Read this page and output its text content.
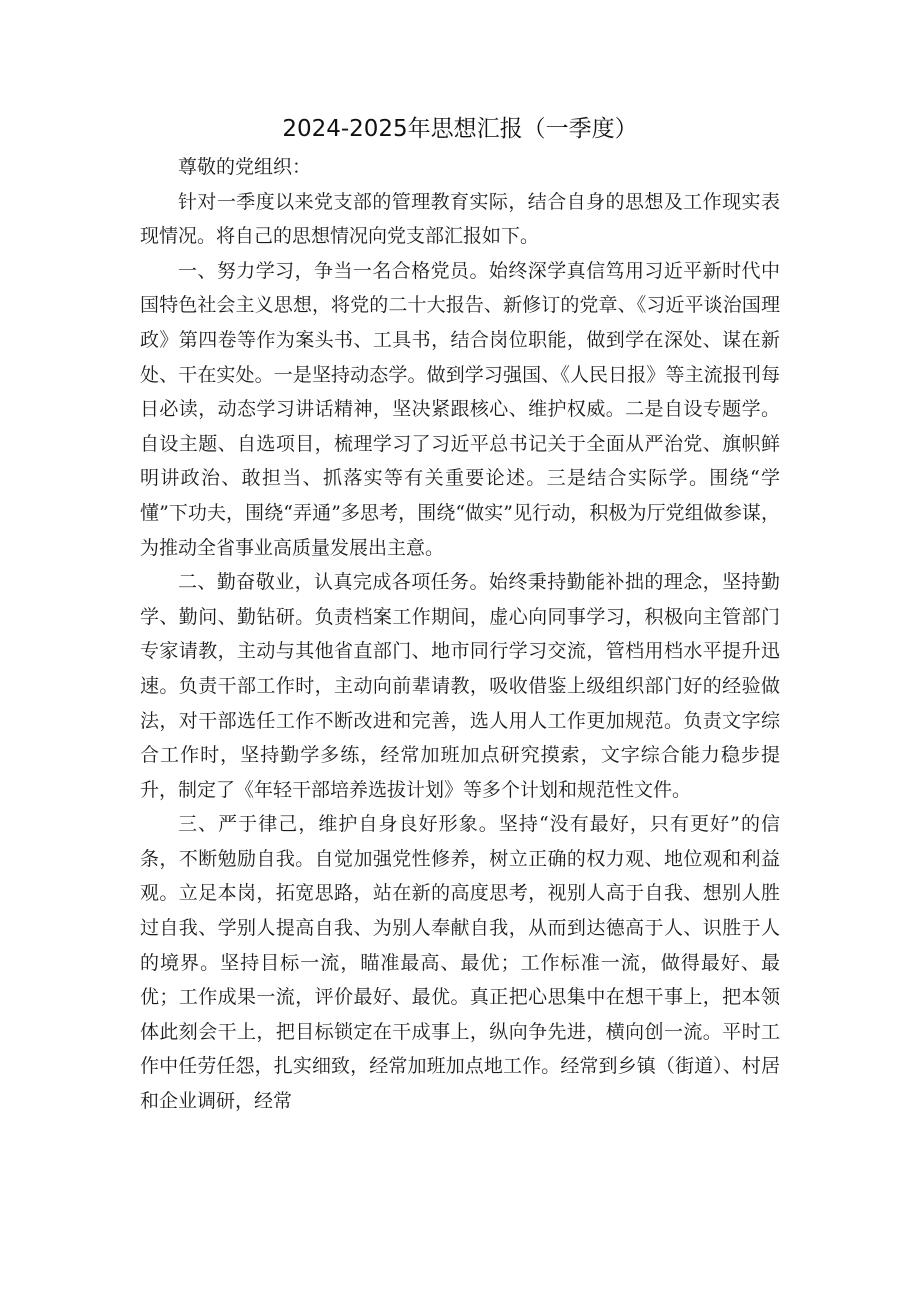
2024-2025年思想汇报（一季度）

尊敬的党组织：

针对一季度以来党支部的管理教育实际，结合自身的思想及工作现实表现情况。将自己的思想情况向党支部汇报如下。

一、努力学习，争当一名合格党员。始终深学真信笃用习近平新时代中国特色社会主义思想，将党的二十大报告、新修订的党章、《习近平谈治国理政》第四卷等作为案头书、工具书，结合岗位职能，做到学在深处、谋在新处、干在实处。一是坚持动态学。做到学习强国、《人民日报》等主流报刊每日必读，动态学习讲话精神，坚决紧跟核心、维护权威。二是自设专题学。自设主题、自选项目，梳理学习了习近平总书记关于全面从严治党、旗帜鲜明讲政治、敢担当、抓落实等有关重要论述。三是结合实际学。围绕“学懂”下功夫，围绕“弄通”多思考，围绕“做实”见行动，积极为厅党组做参谋，为推动全省事业高质量发展出主意。

二、勤奋敬业，认真完成各项任务。始终秉持勤能补拙的理念，坚持勤学、勤问、勤钻研。负责档案工作期间，虚心向同事学习，积极向主管部门专家请教，主动与其他省直部门、地市同行学习交流，管档用档水平提升迅速。负责干部工作时，主动向前辈请教，吸收借鉴上级组织部门好的经验做法，对干部选任工作不断改进和完善，选人用人工作更加规范。负责文字综合工作时，坚持勤学多练，经常加班加点研究摸索，文字综合能力稳步提升，制定了《年轻干部培养选拔计划》等多个计划和规范性文件。

三、严于律己，维护自身良好形象。坚持“没有最好，只有更好”的信条，不断勉励自我。自觉加强党性修养，树立正确的权力观、地位观和利益观。立足本岗，拓宽思路，站在新的高度思考，视别人高于自我、想别人胜过自我、学别人提高自我、为别人奉献自我，从而到达德高于人、识胜于人的境界。坚持目标一流，瞄准最高、最优；工作标准一流，做得最好、最优；工作成果一流，评价最好、最优。真正把心思集中在想干事上，把本领体此刻会干上，把目标锁定在干成事上，纵向争先进，横向创一流。平时工作中任劳任怨，扎实细致，经常加班加点地工作。经常到乡镇（街道）、村居和企业调研，经常
